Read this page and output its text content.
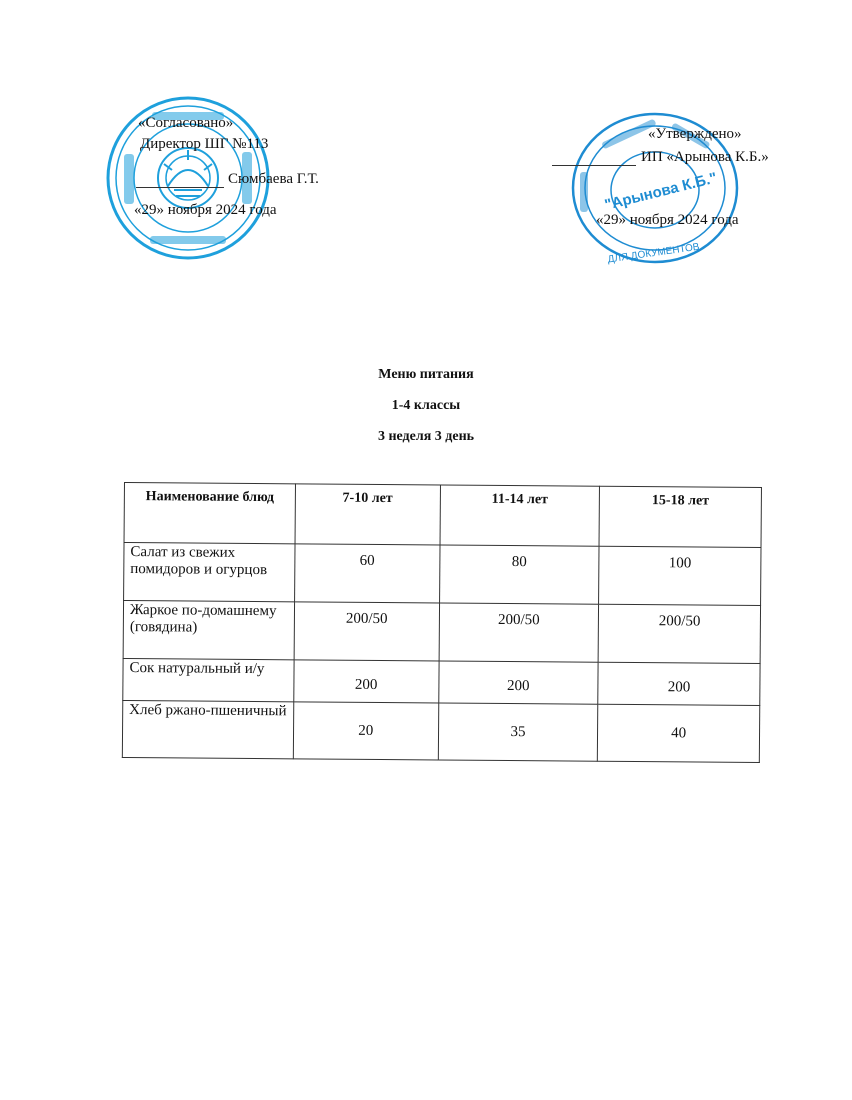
"Арынова К.Б."
ДЛЯ ДОКУМЕНТОВ
«Согласовано»
Директор ШГ №113
Сюмбаева Г.Т.
«29» ноября 2024 года
«Утверждено»
ИП «Арынова К.Б.»
«29» ноября 2024 года
Меню питания
1-4 классы
3 неделя 3 день
Наименование блюд	7-10 лет	11-14 лет	15-18 лет
Салат из свежих помидоров и огурцов	60	80	100
Жаркое по-домашнему (говядина)	200/50	200/50	200/50
Сок натуральный и/у	200	200	200
Хлеб ржано-пшеничный	20	35	40
